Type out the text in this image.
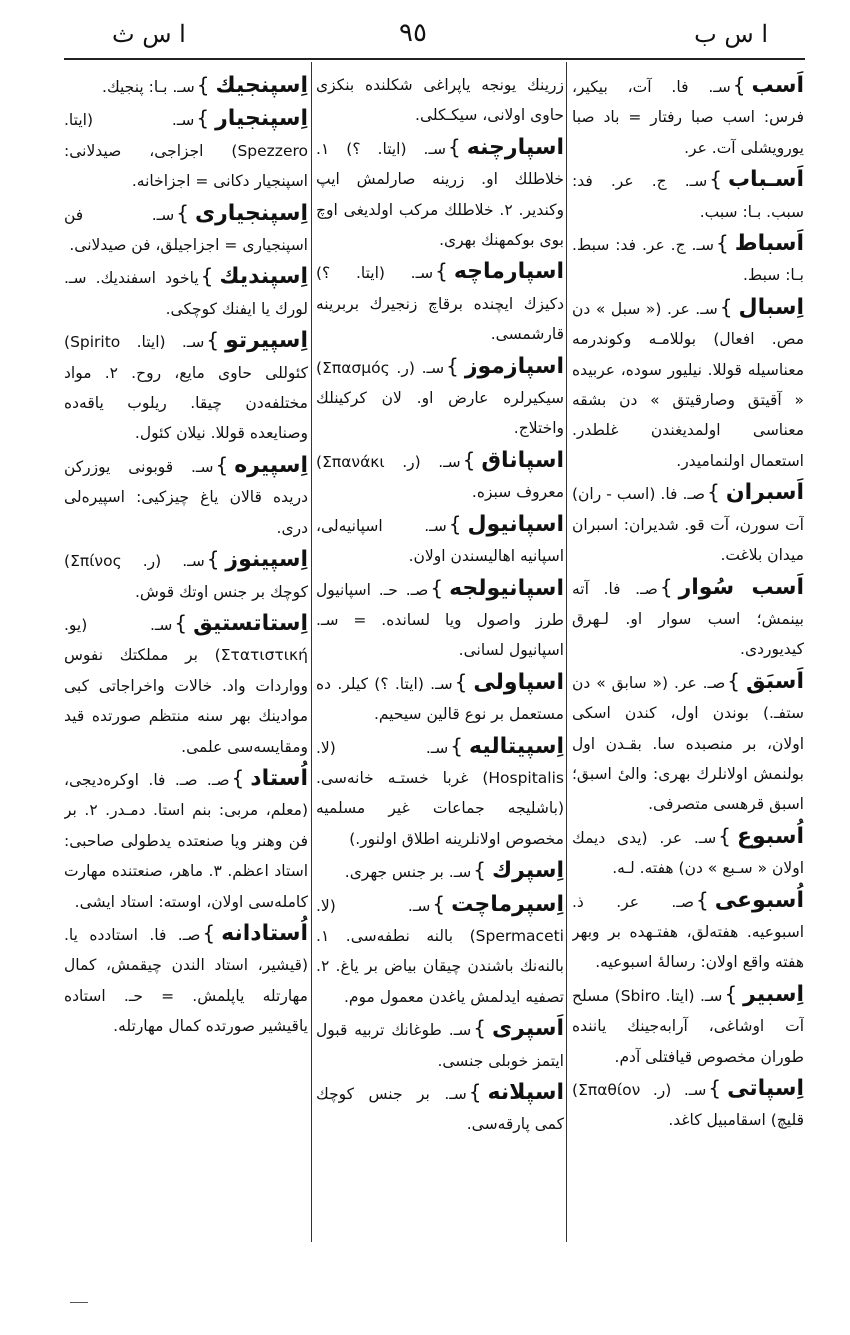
ا س ث	٩٥	ا س ب
اَسب}سـ. فا. آت، بیکیر، فرس: اسب صبا رفتار = باد صبا یورویشلی آت. عر.
اَسـباب}سـ. ج. عر. فد: سبب. بـا: سبب.
اَسباط}سـ. ج. عر. فد: سبط. بـا: سبط.
اِسبال}سـ. عر. (« سبل » دن مص. افعال) بوللامـه وکوندرمه معناسیله قوللا. نیلیور سوده، عربیده « آقیتق وصارقیتق » دن بشقه معناسی اولمدیغندن غلطدر. استعمال اولنمامیدر.
اَسبران}صـ. فا. (اسب - ران) آت سورن، آت قو. شدیران: اسبران میدان بلاغت.
اَسب سُوار}صـ. فا. آته بینمش؛ اسب سوار او. لـهرق کیدیوردی.
اَسبَق}صـ. عر. (« سابق » دن ستفـ.) بوندن اول، کندن اسکی اولان، بر منصبده سا. بقـدن اول بولنمش اولانلرك بهری: والیٔ اسبق؛ اسبق قرهسی متصرفی.
اُسبوع}سـ. عر. (یدی دیمك اولان « سـبع » دن) هفته. لـه.
اُسبوعی}صـ. عر. ذ. اسبوعیه. هفته‌لق، هفتـهده بر وبهر هفته واقع اولان: رسالهٔ اسبوعیه.
اِسبیر}سـ. (ایتا. Sbiro) مسلح آت اوشاغی، آرابه‌جینك یاننده طوران مخصوص قیافتلی آدم.
اِسپاتی}سـ. (ر. Σπαθίον) قلیچ) اسقامبیل کاغد.
زرینك یونجه یاپراغی شکلنده بنکزی حاوی اولانی، سیکـکلی.
اسپارچنه}سـ. (ایتا. ؟) ۱. خلاطلك او. زرینه صارلمش ایپ وکندیر. ۲. خلاطلك مرکب اولدیغی اوچ بوی بوکمهنك بهری.
اسپارماچه}سـ. (ایتا. ؟) دکیزك ایچنده برقاچ زنجیرك بربرینه قارشمسی.
اسپازموز}سـ. (ر. Σπασμός) سیکیرلره عارض او. لان کرکینلك واختلاج.
اسپاناق}سـ. (ر. Σπανάκι) معروف سبزه.
اسپانیول}سـ. اسپانیه‌لی، اسپانیه اهالیسندن اولان.
اسپانیولجه}صـ. حـ. اسپانیول طرز واصول ویا لسانده. = سـ. اسپانیول لسانی.
اسپاولی}سـ. (ایتا. ؟) کیلر. ده مستعمل بر نوع قالین سیحیم.
اِسپیتالیه}سـ. (لا. Hospitalis) غربا خستـه خانه‌سی. (باشلیجه جماعات غیر مسلمیه مخصوص اولانلرینه اطلاق اولنور.)
اِسپرك}سـ. بر جنس جهری.
اِسپرماچت}سـ. (لا. Spermaceti) بالنه نطفه‌سی. ۱. بالنه‌نك باشندن چیقان بیاض بر یاغ. ۲. تصفیه ایدلمش یاغدن معمول موم.
اَسپری}سـ. طوغانك تربیه قبول ایتمز خوبلی جنسی.
اسپلانه}سـ. بر جنس کوچك کمی پارقه‌سی.
اِسپنجیك}سـ. بـا: پنجیك.
اِسپنجیار}سـ. (ایتا. Spezzero) اجزاجی، صیدلانی: اسپنجیار دکانی = اجزاخانه.
اِسپنجیاری}سـ. فن اسپنجیاری = اجزاجیلق، فن صیدلانی.
اِسپندیك}یاخود اسفندیك. سـ. لورك یا ایفنك کوچکی.
اِسپیرتو}سـ. (ایتا. Spirito) کئوللی حاوی مایع، روح. ۲. مواد مختلفه‌دن چیقا. ریلوب یاقه‌ده وصنایعده قوللا. نیلان کئول.
اِسپیره}سـ. قوبونی یوزرکن دریده قالان یاغ چیزکیی: اسپیره‌لی دری.
اِسپینوز}سـ. (ر. Σπίνος) کوچك بر جنس اوتك قوش.
اِستاتستیق}سـ. (یو. Στατιστική) بر مملکتك نفوس وواردات واد. خالات واخراجاتی کبی موادینك بهر سنه منتظم صورتده قید ومقایسه‌سی علمی.
اُستاد}صـ. صـ. فا. اوکره‌دیجی، (معلم، مربی: بنم استا. دمـدر. ۲. بر فن وهنر ویا صنعتده یدطولی صاحبی: استاد اعظم. ۳. ماهر، صنعتنده مهارت کامله‌سی اولان، اوسته: استاد ایشی.
اُستادانه}صـ. فا. استادده یا. (قیشیر، استاد الندن چیقمش، کمال مهارتله یاپلمش. = حـ. استاده یاقیشیر صورتده کمال مهارتله.
